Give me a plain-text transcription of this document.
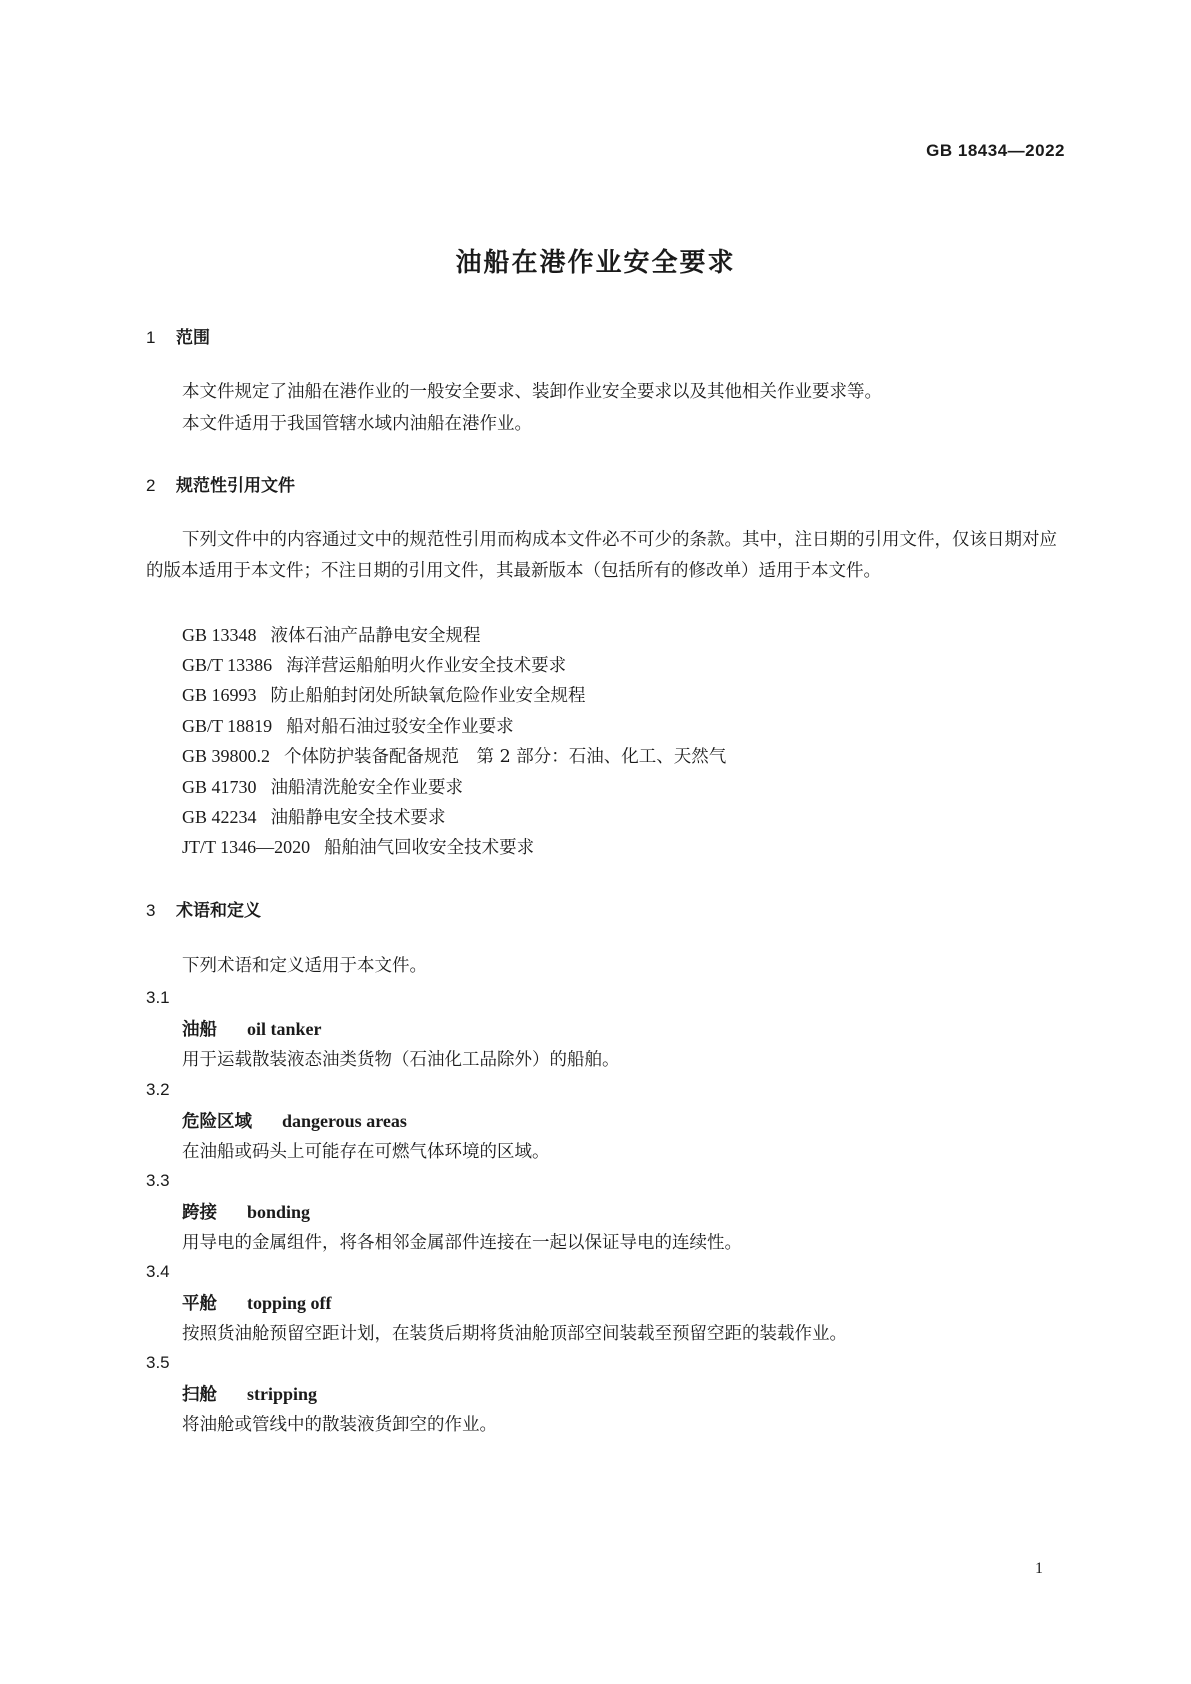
GB 18434—2022
油船在港作业安全要求
1 范围
本文件规定了油船在港作业的一般安全要求、装卸作业安全要求以及其他相关作业要求等。
本文件适用于我国管辖水域内油船在港作业。
2 规范性引用文件
下列文件中的内容通过文中的规范性引用而构成本文件必不可少的条款。其中，注日期的引用文件，仅该日期对应的版本适用于本文件；不注日期的引用文件，其最新版本（包括所有的修改单）适用于本文件。
GB 13348 液体石油产品静电安全规程
GB/T 13386 海洋营运船舶明火作业安全技术要求
GB 16993 防止船舶封闭处所缺氧危险作业安全规程
GB/T 18819 船对船石油过驳安全作业要求
GB 39800.2 个体防护装备配备规范　第 2 部分：石油、化工、天然气
GB 41730 油船清洗舱安全作业要求
GB 42234 油船静电安全技术要求
JT/T 1346—2020 船舶油气回收安全技术要求
3 术语和定义
下列术语和定义适用于本文件。
3.1
油船 oil tanker
用于运载散装液态油类货物（石油化工品除外）的船舶。
3.2
危险区域 dangerous areas
在油船或码头上可能存在可燃气体环境的区域。
3.3
跨接 bonding
用导电的金属组件，将各相邻金属部件连接在一起以保证导电的连续性。
3.4
平舱 topping off
按照货油舱预留空距计划，在装货后期将货油舱顶部空间装载至预留空距的装载作业。
3.5
扫舱 stripping
将油舱或管线中的散装液货卸空的作业。
1
